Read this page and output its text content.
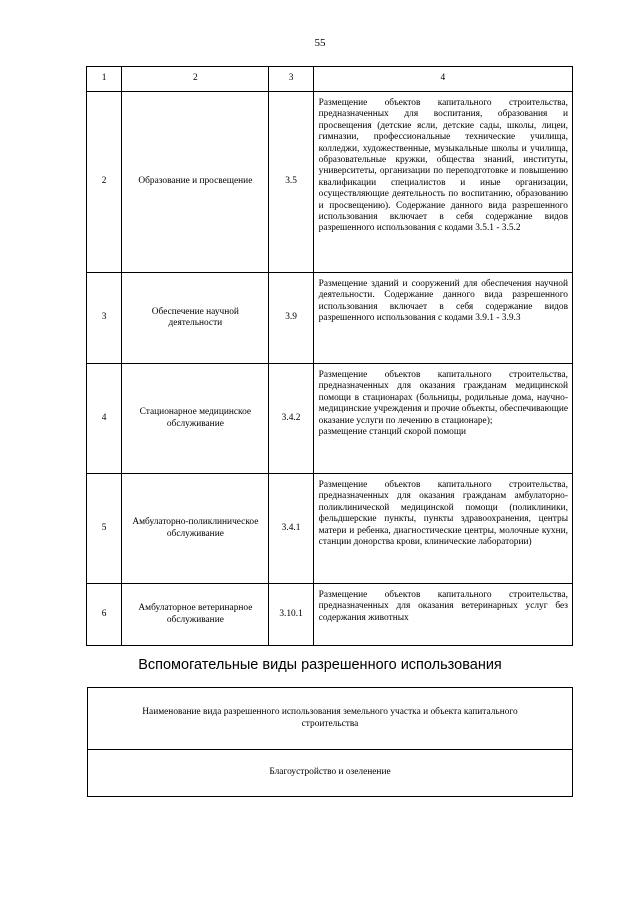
55
1	2	3	4
2	Образование и просвещение	3.5	Размещение объектов капитального строительства, предназначенных для воспитания, образования и просвещения (детские ясли, детские сады, школы, лицеи, гимназии, профессиональные технические училища, колледжи, художественные, музыкальные школы и училища, образовательные кружки, общества знаний, институты, университеты, организации по переподготовке и повышению квалификации специалистов и иные организации, осуществляющие деятельность по воспитанию, образованию и просвещению). Содержание данного вида разрешенного использования включает в себя содержание видов разрешенного использования с кодами 3.5.1 - 3.5.2
3	Обеспечение научной деятельности	3.9	Размещение зданий и сооружений для обеспечения научной деятельности. Содержание данного вида разрешенного использования включает в себя содержание видов разрешенного использования с кодами 3.9.1 - 3.9.3
4	Стационарное медицинское обслуживание	3.4.2	Размещение объектов капитального строительства, предназначенных для оказания гражданам медицинской помощи в стационарах (больницы, родильные дома, научно-медицинские учреждения и прочие объекты, обеспечивающие оказание услуги по лечению в стационаре);
размещение станций скорой помощи

5	Амбулаторно-поликлиническое обслуживание	3.4.1	Размещение объектов капитального строительства, предназначенных для оказания гражданам амбулаторно-поликлинической медицинской помощи (поликлиники, фельдшерские пункты, пункты здравоохранения, центры матери и ребенка, диагностические центры, молочные кухни, станции донорства крови, клинические лаборатории)
6	Амбулаторное ветеринарное обслуживание	3.10.1	Размещение объектов капитального строительства, предназначенных для оказания ветеринарных услуг без содержания животных
Вспомогательные виды разрешенного использования
Наименование вида разрешенного использования земельного участка и объекта капитального строительства
Благоустройство и озеленение
